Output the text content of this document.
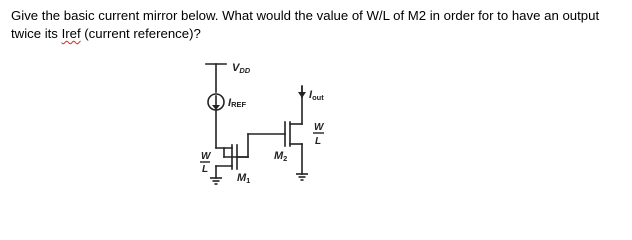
Give the basic current mirror below. What would the value of W/L of M2 in order for to have an output
twice its Iref (current reference)?
VDD
IREF
Iout
M1
M2
W
L
W
L
